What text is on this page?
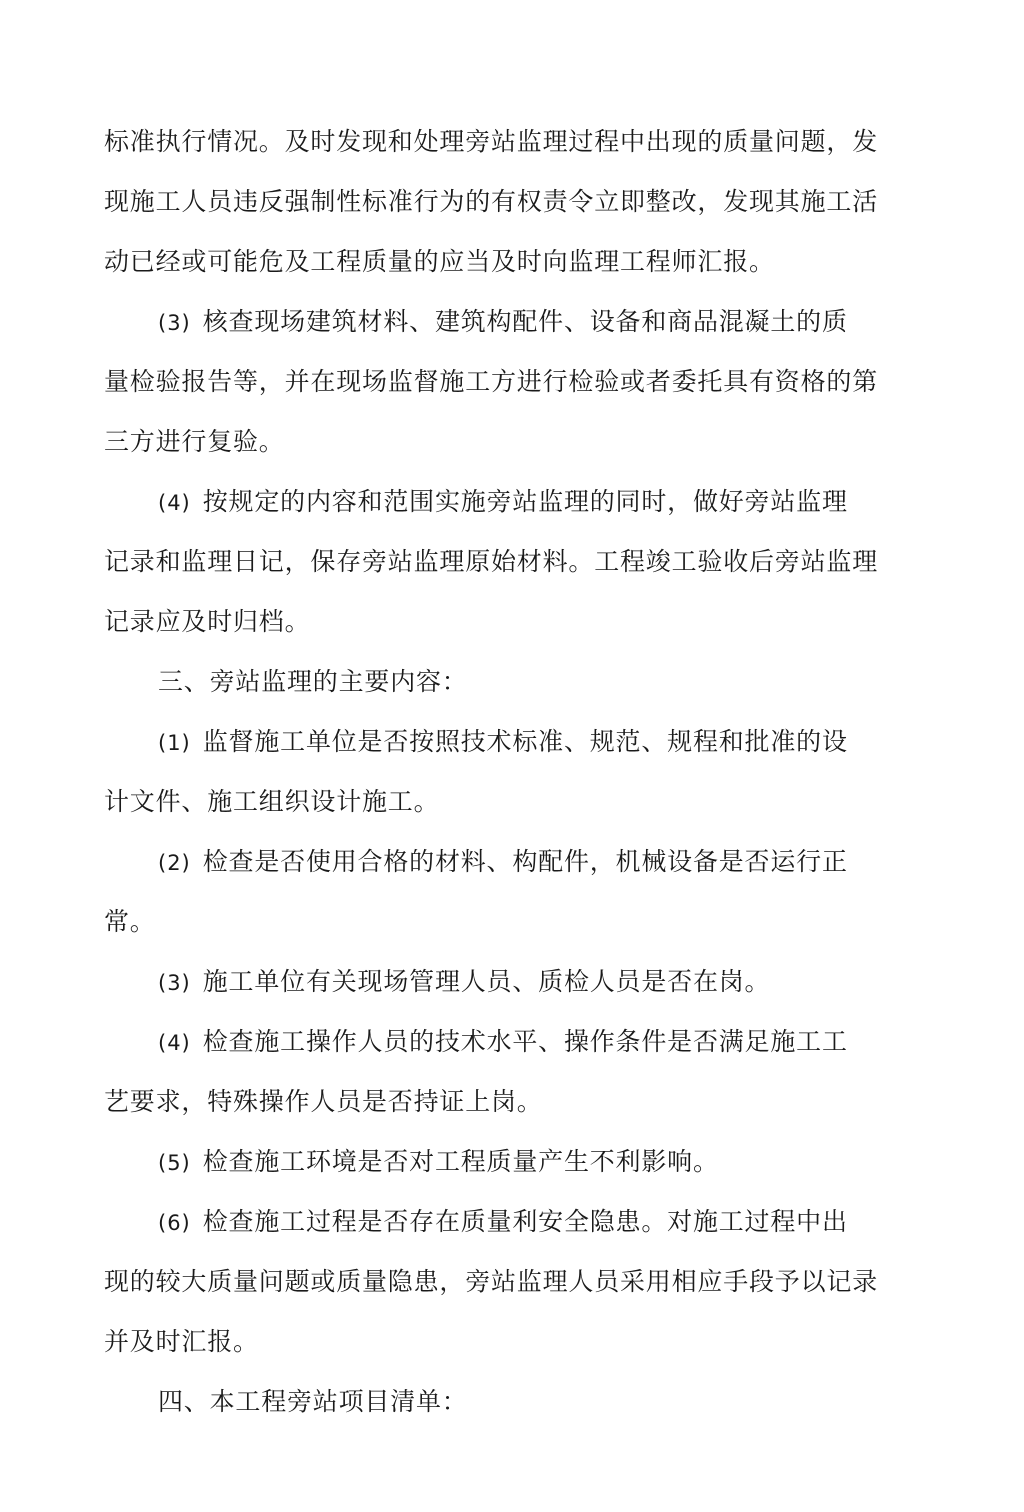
标准执行情况。及时发现和处理旁站监理过程中出现的质量问题，发
现施工人员违反强制性标准行为的有权责令立即整改，发现其施工活
动已经或可能危及工程质量的应当及时向监理工程师汇报。
(3) 核查现场建筑材料、建筑构配件、设备和商品混凝土的质
量检验报告等，并在现场监督施工方进行检验或者委托具有资格的第
三方进行复验。
(4) 按规定的内容和范围实施旁站监理的同时，做好旁站监理
记录和监理日记，保存旁站监理原始材料。工程竣工验收后旁站监理
记录应及时归档。
三、旁站监理的主要内容：
(1) 监督施工单位是否按照技术标准、规范、规程和批准的设
计文件、施工组织设计施工。
(2) 检查是否使用合格的材料、构配件，机械设备是否运行正
常。
(3) 施工单位有关现场管理人员、质检人员是否在岗。
(4) 检查施工操作人员的技术水平、操作条件是否满足施工工
艺要求，特殊操作人员是否持证上岗。
(5) 检查施工环境是否对工程质量产生不利影响。
(6) 检查施工过程是否存在质量利安全隐患。对施工过程中出
现的较大质量问题或质量隐患，旁站监理人员采用相应手段予以记录
并及时汇报。
四、本工程旁站项目清单：
